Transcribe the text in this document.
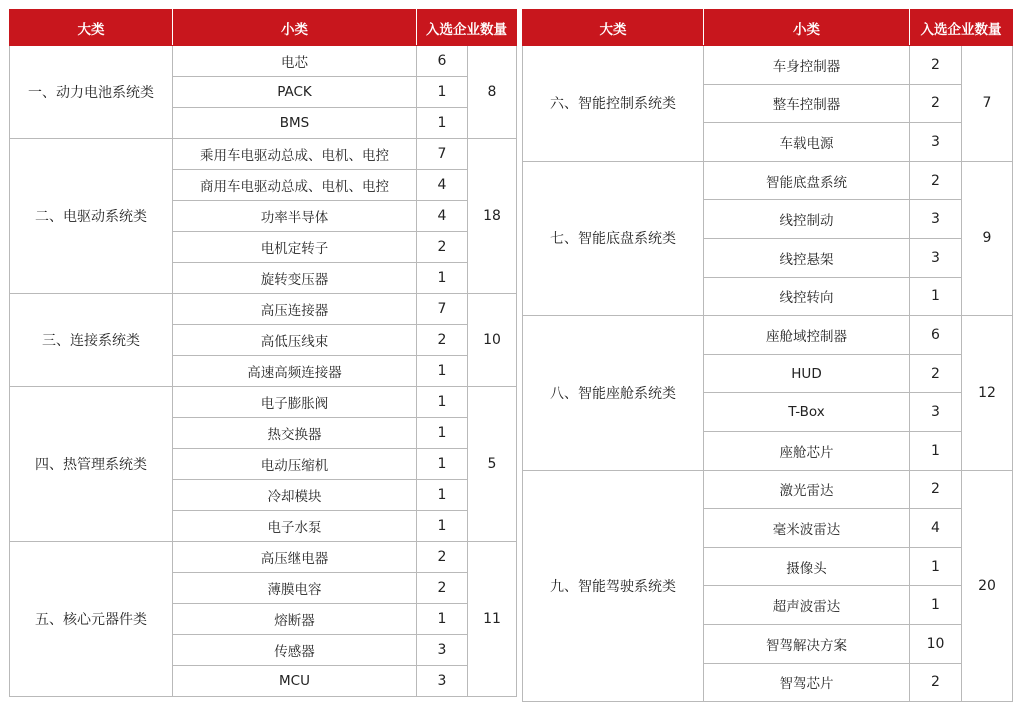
大类	小类	入选企业数量	
一、动力电池系统类	电芯	6	8
	PACK	1	
	BMS	1	
二、电驱动系统类	乘用车电驱动总成、电机、电控	7	18
	商用车电驱动总成、电机、电控	4	
	功率半导体	4	
	电机定转子	2	
	旋转变压器	1	
三、连接系统类	高压连接器	7	10
	高低压线束	2	
	高速高频连接器	1	
四、热管理系统类	电子膨胀阀	1	5
	热交换器	1	
	电动压缩机	1	
	冷却模块	1	
	电子水泵	1	
五、核心元器件类	高压继电器	2	11
	薄膜电容	2	
	熔断器	1	
	传感器	3	
	MCU	3	
大类	小类	入选企业数量	
六、智能控制系统类	车身控制器	2	7
	整车控制器	2	
	车载电源	3	
七、智能底盘系统类	智能底盘系统	2	9
	线控制动	3	
	线控悬架	3	
	线控转向	1	
八、智能座舱系统类	座舱域控制器	6	12
	HUD	2	
	T-Box	3	
	座舱芯片	1	
九、智能驾驶系统类	激光雷达	2	20
	毫米波雷达	4	
	摄像头	1	
	超声波雷达	1	
	智驾解决方案	10	
	智驾芯片	2	
